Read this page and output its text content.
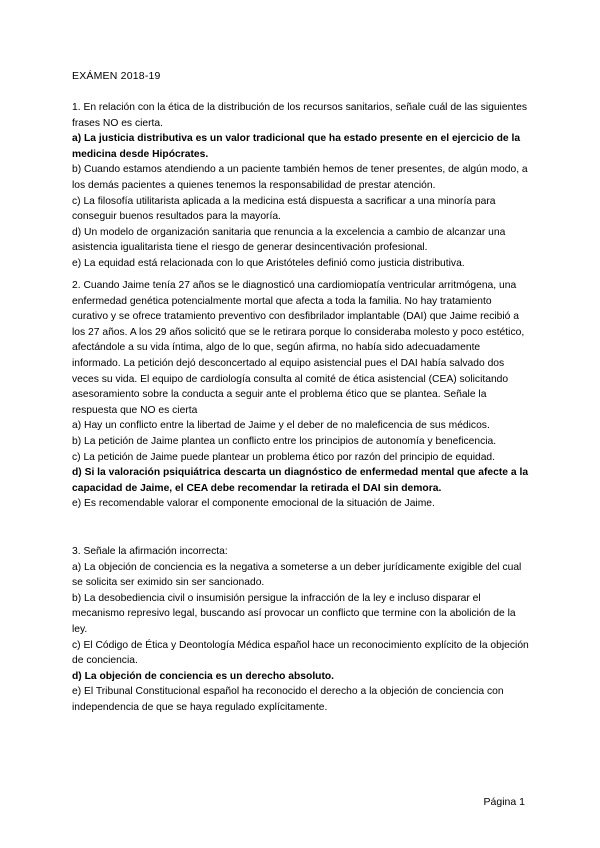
EXÁMEN 2018-19

1. En relación con la ética de la distribución de los recursos sanitarios, señale cuál de las siguientes frases NO es cierta.

a) La justicia distributiva es un valor tradicional que ha estado presente en el ejercicio de la medicina desde Hipócrates.

b) Cuando estamos atendiendo a un paciente también hemos de tener presentes, de algún modo, a los demás pacientes a quienes tenemos la responsabilidad de prestar atención.

c) La filosofía utilitarista aplicada a la medicina está dispuesta a sacrificar a una minoría para conseguir buenos resultados para la mayoría.

d) Un modelo de organización sanitaria que renuncia a la excelencia a cambio de alcanzar una asistencia igualitarista tiene el riesgo de generar desincentivación profesional.

e) La equidad está relacionada con lo que Aristóteles definió como justicia distributiva.

2. Cuando Jaime tenía 27 años se le diagnosticó una cardiomiopatía ventricular arritmógena, una enfermedad genética potencialmente mortal que afecta a toda la familia. No hay tratamiento curativo y se ofrece tratamiento preventivo con desfibrilador implantable (DAI) que Jaime recibió a los 27 años. A los 29 años solicitó que se le retirara porque lo consideraba molesto y poco estético, afectándole a su vida íntima, algo de lo que, según afirma, no había sido adecuadamente informado. La petición dejó desconcertado al equipo asistencial pues el DAI había salvado dos veces su vida. El equipo de cardiología consulta al comité de ética asistencial (CEA) solicitando asesoramiento sobre la conducta a seguir ante el problema ético que se plantea. Señale la respuesta que NO es cierta

a) Hay un conflicto entre la libertad de Jaime y el deber de no maleficencia de sus médicos.

b) La petición de Jaime plantea un conflicto entre los principios de autonomía y beneficencia.

c) La petición de Jaime puede plantear un problema ético por razón del principio de equidad.

d) Si la valoración psiquiátrica descarta un diagnóstico de enfermedad mental que afecte a la capacidad de Jaime, el CEA debe recomendar la retirada el DAI sin demora.

e) Es recomendable valorar el componente emocional de la situación de Jaime.

3. Señale la afirmación incorrecta:

a) La objeción de conciencia es la negativa a someterse a un deber jurídicamente exigible del cual se solicita ser eximido sin ser sancionado.

b) La desobediencia civil o insumisión persigue la infracción de la ley e incluso disparar el mecanismo represivo legal, buscando así provocar un conflicto que termine con la abolición de la ley.

c) El Código de Ética y Deontología Médica español hace un reconocimiento explícito de la objeción de conciencia.

d) La objeción de conciencia es un derecho absoluto.

e) El Tribunal Constitucional español ha reconocido el derecho a la objeción de conciencia con independencia de que se haya regulado explícitamente.

Página 1
